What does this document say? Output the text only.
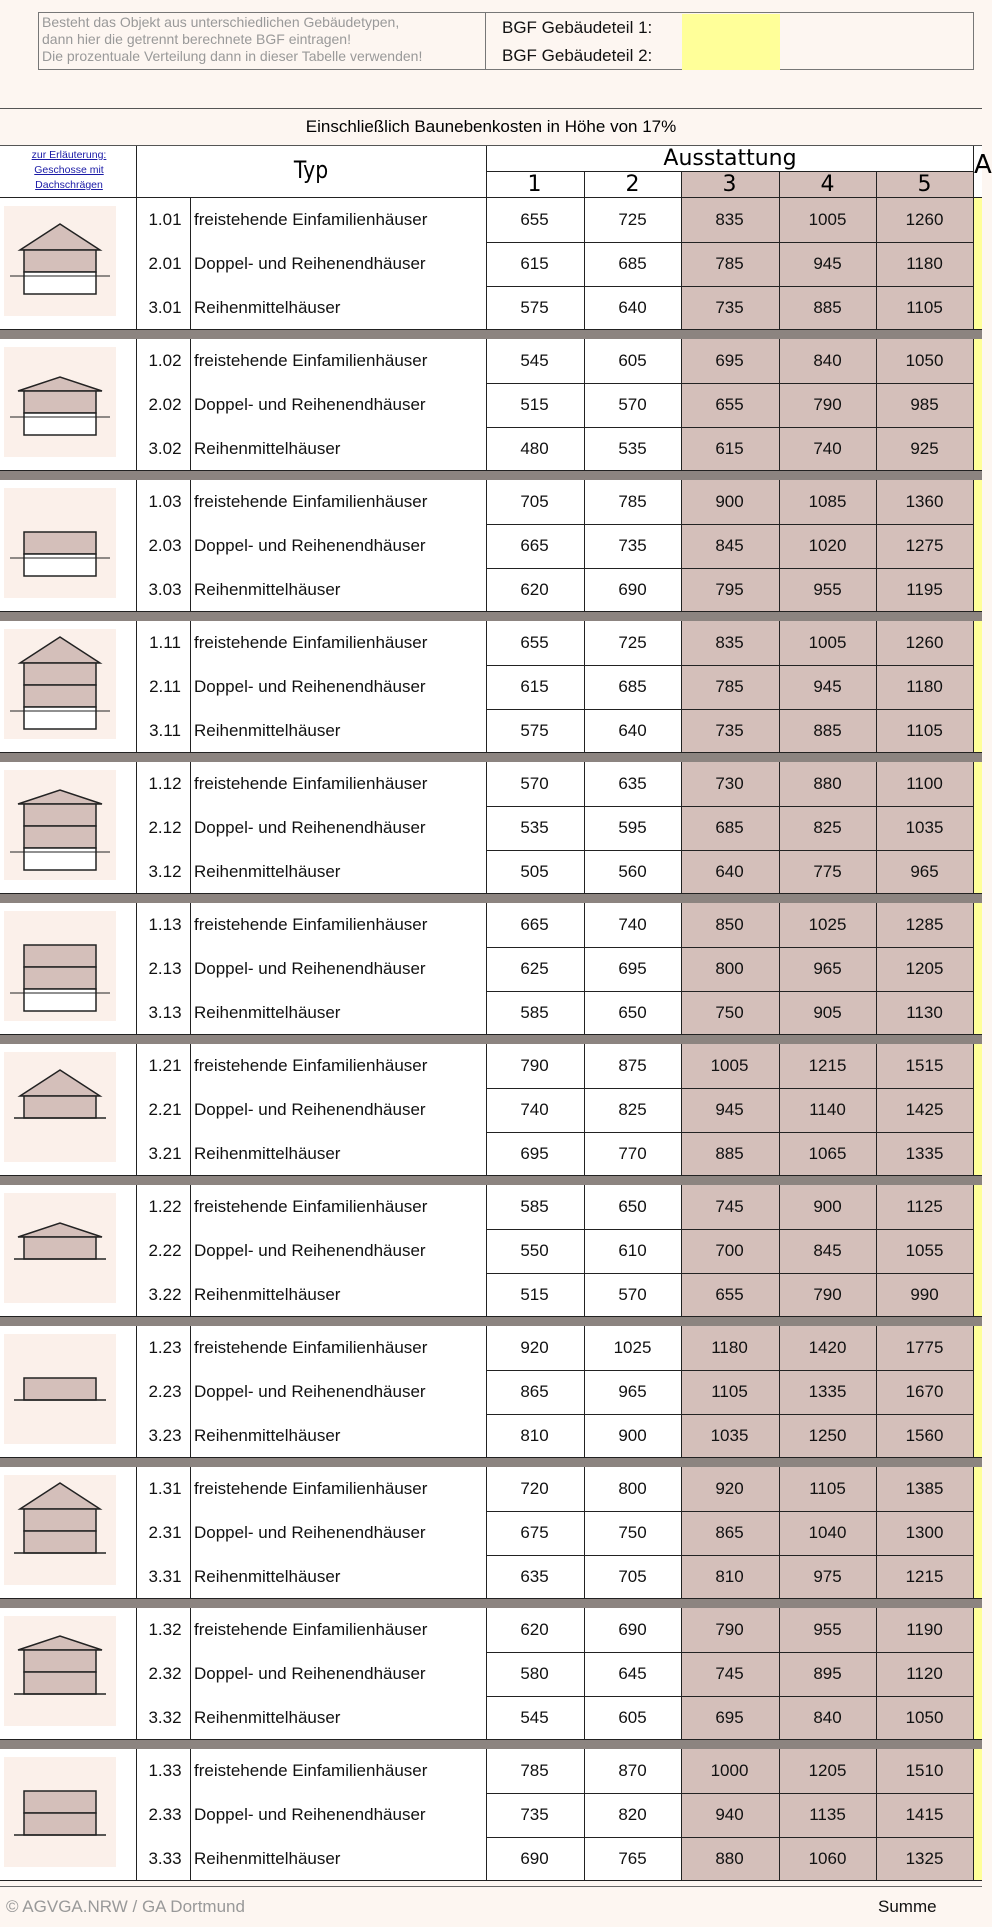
Besteht das Objekt aus unterschiedlichen Gebäudetypen,
dann hier die getrennt berechnete BGF eintragen!
Die prozentuale Verteilung dann in dieser Tabelle verwenden!
BGF Gebäudeteil 1:
BGF Gebäudeteil 2:
Einschließlich Baunebenkosten in Höhe von 17%
zur Erläuterung:
Geschosse mit
Dachschrägen
Typ	Ausstattung
1	2	3	4	5
A
1.01 freistehende Einfamilienhäuser	655	725	835	1005	1260
2.01 Doppel- und Reihenendhäuser	615	685	785	945	1180
3.01 Reihenmittelhäuser	575	640	735	885	1105
1.02 freistehende Einfamilienhäuser	545	605	695	840	1050
2.02 Doppel- und Reihenendhäuser	515	570	655	790	985
3.02 Reihenmittelhäuser	480	535	615	740	925
1.03 freistehende Einfamilienhäuser	705	785	900	1085	1360
2.03 Doppel- und Reihenendhäuser	665	735	845	1020	1275
3.03 Reihenmittelhäuser	620	690	795	955	1195
1.11 freistehende Einfamilienhäuser	655	725	835	1005	1260
2.11 Doppel- und Reihenendhäuser	615	685	785	945	1180
3.11 Reihenmittelhäuser	575	640	735	885	1105
1.12 freistehende Einfamilienhäuser	570	635	730	880	1100
2.12 Doppel- und Reihenendhäuser	535	595	685	825	1035
3.12 Reihenmittelhäuser	505	560	640	775	965
1.13 freistehende Einfamilienhäuser	665	740	850	1025	1285
2.13 Doppel- und Reihenendhäuser	625	695	800	965	1205
3.13 Reihenmittelhäuser	585	650	750	905	1130
1.21 freistehende Einfamilienhäuser	790	875	1005	1215	1515
2.21 Doppel- und Reihenendhäuser	740	825	945	1140	1425
3.21 Reihenmittelhäuser	695	770	885	1065	1335
1.22 freistehende Einfamilienhäuser	585	650	745	900	1125
2.22 Doppel- und Reihenendhäuser	550	610	700	845	1055
3.22 Reihenmittelhäuser	515	570	655	790	990
1.23 freistehende Einfamilienhäuser	920	1025	1180	1420	1775
2.23 Doppel- und Reihenendhäuser	865	965	1105	1335	1670
3.23 Reihenmittelhäuser	810	900	1035	1250	1560
1.31 freistehende Einfamilienhäuser	720	800	920	1105	1385
2.31 Doppel- und Reihenendhäuser	675	750	865	1040	1300
3.31 Reihenmittelhäuser	635	705	810	975	1215
1.32 freistehende Einfamilienhäuser	620	690	790	955	1190
2.32 Doppel- und Reihenendhäuser	580	645	745	895	1120
3.32 Reihenmittelhäuser	545	605	695	840	1050
1.33 freistehende Einfamilienhäuser	785	870	1000	1205	1510
2.33 Doppel- und Reihenendhäuser	735	820	940	1135	1415
3.33 Reihenmittelhäuser	690	765	880	1060	1325
© AGVGA.NRW / GA Dortmund	Summe
